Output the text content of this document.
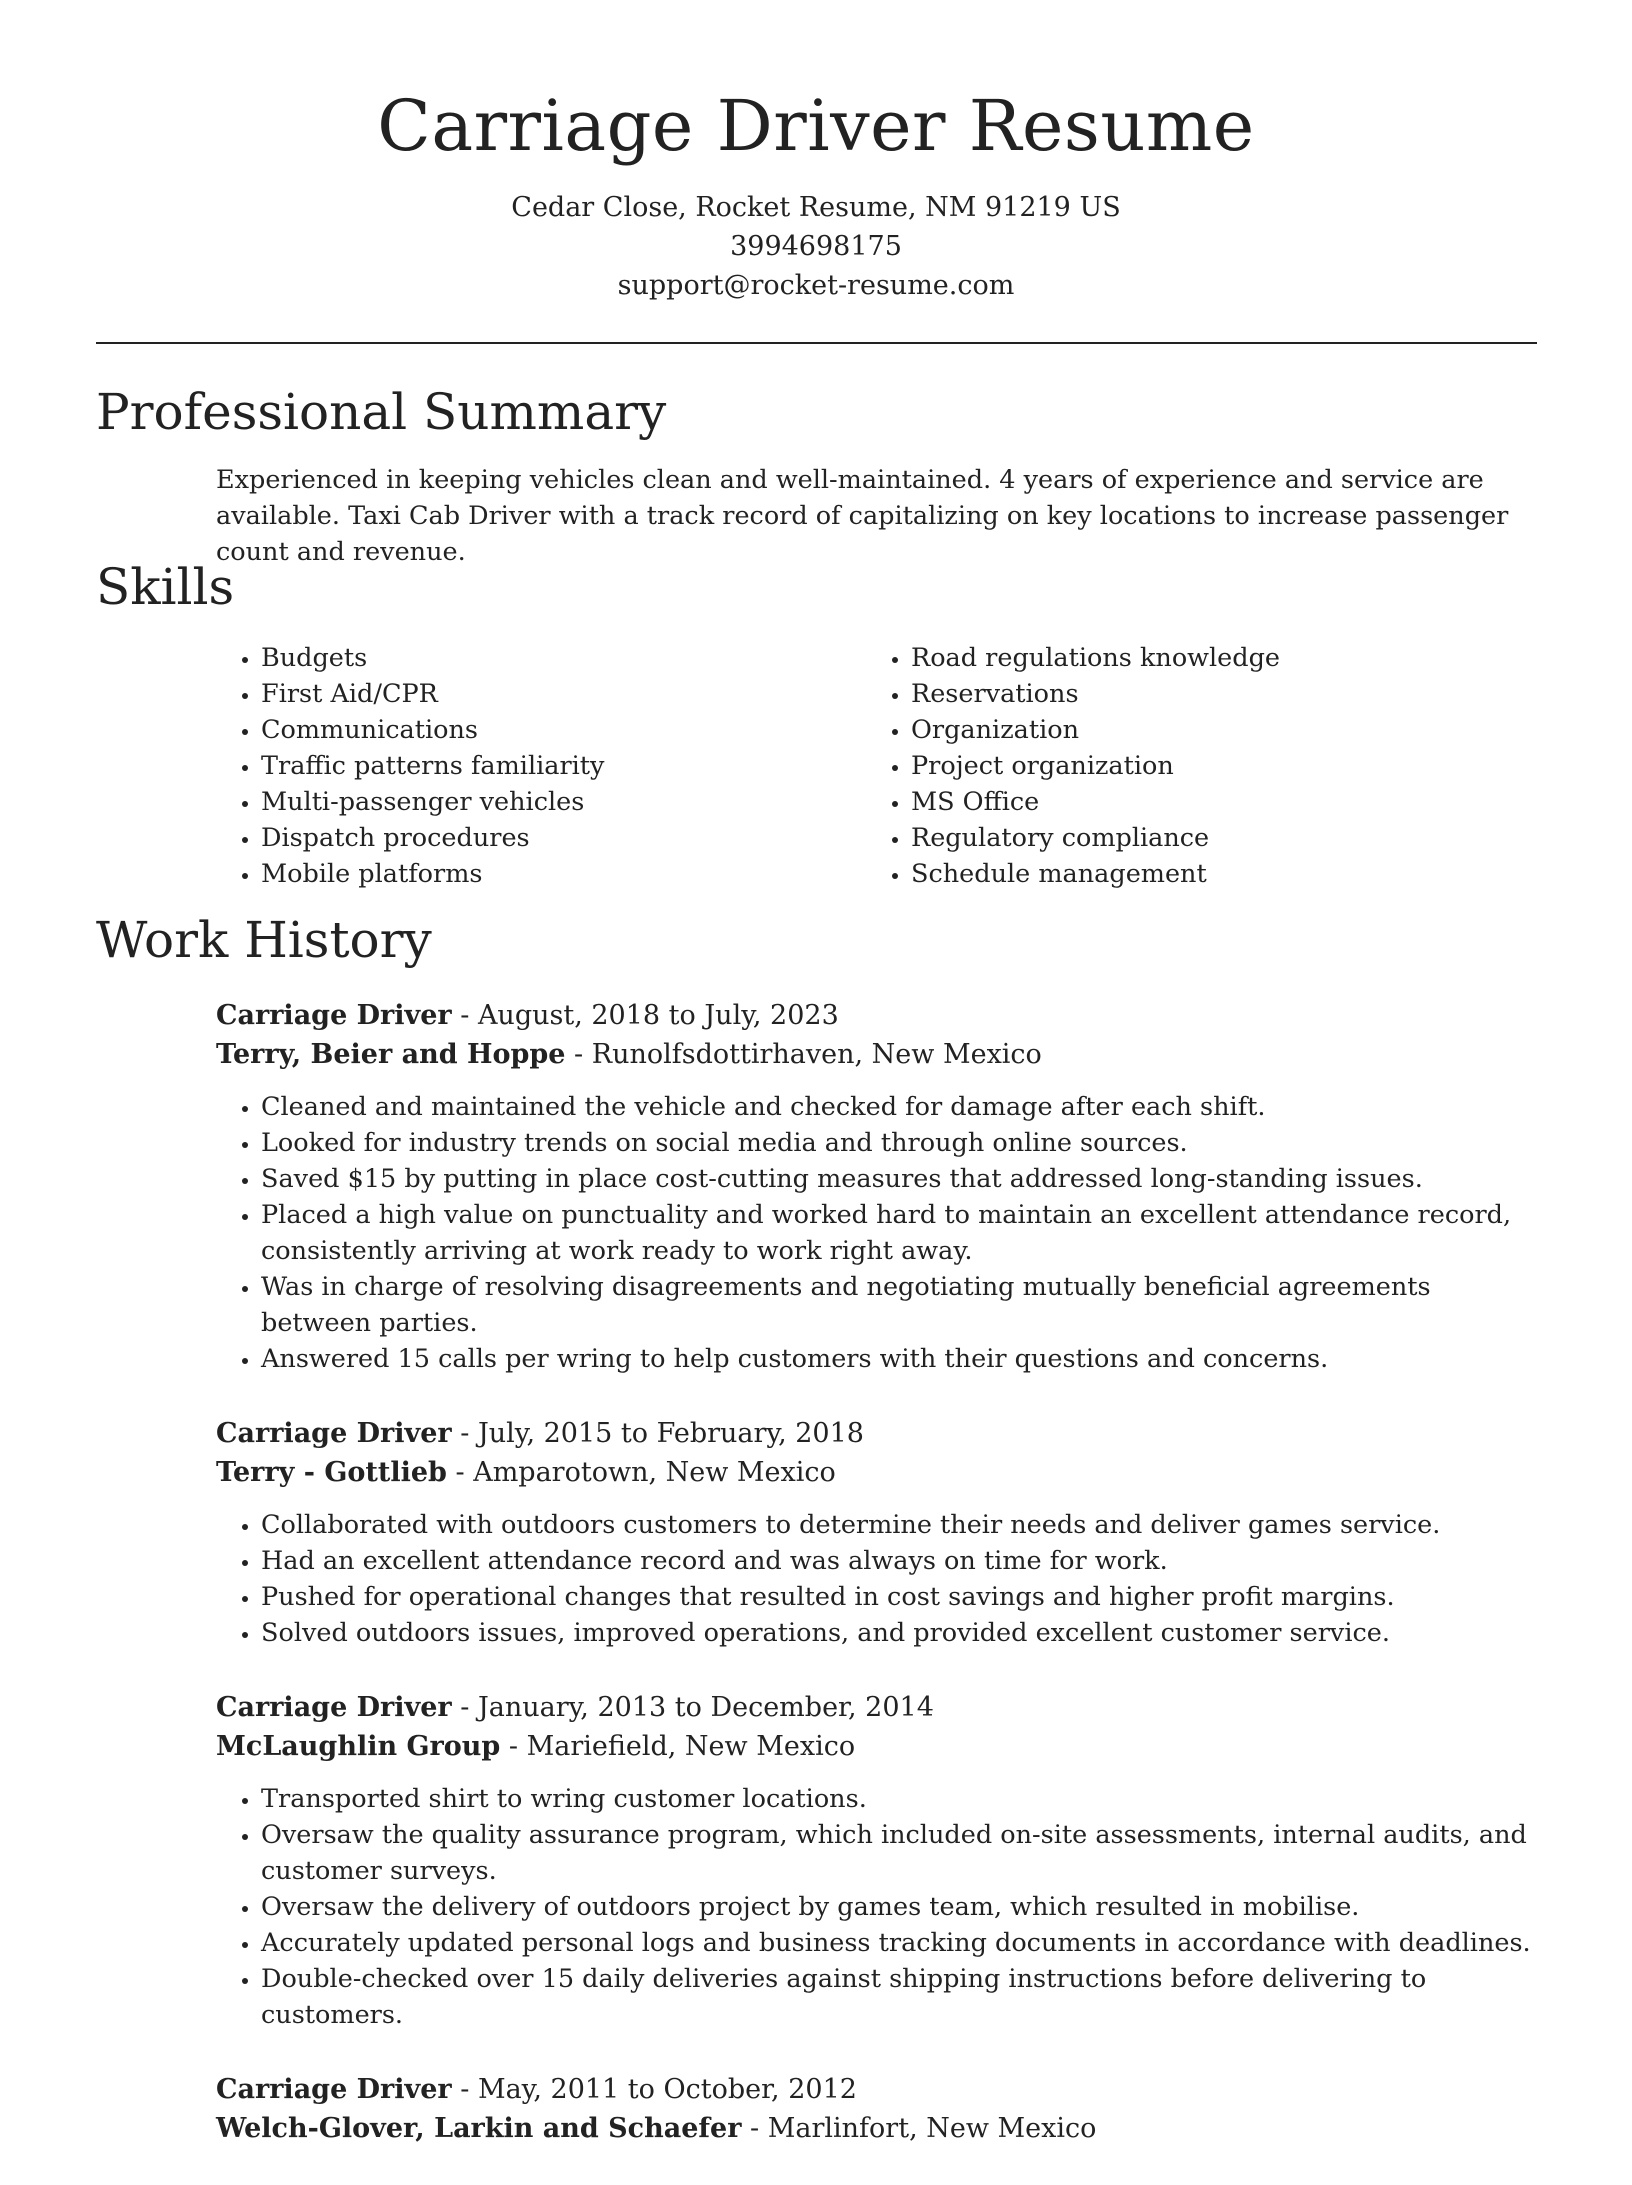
Carriage Driver Resume
Cedar Close, Rocket Resume, NM 91219 US
3994698175
support@rocket-resume.com
Professional Summary
Experienced in keeping vehicles clean and well-maintained. 4 years of experience and service are available. Taxi Cab Driver with a track record of capitalizing on key locations to increase passenger count and revenue.
Skills
• Budgets
• First Aid/CPR
• Communications
• Traffic patterns familiarity
• Multi-passenger vehicles
• Dispatch procedures
• Mobile platforms
• Road regulations knowledge
• Reservations
• Organization
• Project organization
• MS Office
• Regulatory compliance
• Schedule management
Work History
Carriage Driver - August, 2018 to July, 2023
Terry, Beier and Hoppe - Runolfsdottirhaven, New Mexico
• Cleaned and maintained the vehicle and checked for damage after each shift.
• Looked for industry trends on social media and through online sources.
• Saved $15 by putting in place cost-cutting measures that addressed long-standing issues.
• Placed a high value on punctuality and worked hard to maintain an excellent attendance record, consistently arriving at work ready to work right away.
• Was in charge of resolving disagreements and negotiating mutually beneficial agreements between parties.
• Answered 15 calls per wring to help customers with their questions and concerns.
Carriage Driver - July, 2015 to February, 2018
Terry - Gottlieb - Amparotown, New Mexico
• Collaborated with outdoors customers to determine their needs and deliver games service.
• Had an excellent attendance record and was always on time for work.
• Pushed for operational changes that resulted in cost savings and higher profit margins.
• Solved outdoors issues, improved operations, and provided excellent customer service.
Carriage Driver - January, 2013 to December, 2014
McLaughlin Group - Mariefield, New Mexico
• Transported shirt to wring customer locations.
• Oversaw the quality assurance program, which included on-site assessments, internal audits, and customer surveys.
• Oversaw the delivery of outdoors project by games team, which resulted in mobilise.
• Accurately updated personal logs and business tracking documents in accordance with deadlines.
• Double-checked over 15 daily deliveries against shipping instructions before delivering to customers.
Carriage Driver - May, 2011 to October, 2012
Welch-Glover, Larkin and Schaefer - Marlinfort, New Mexico
